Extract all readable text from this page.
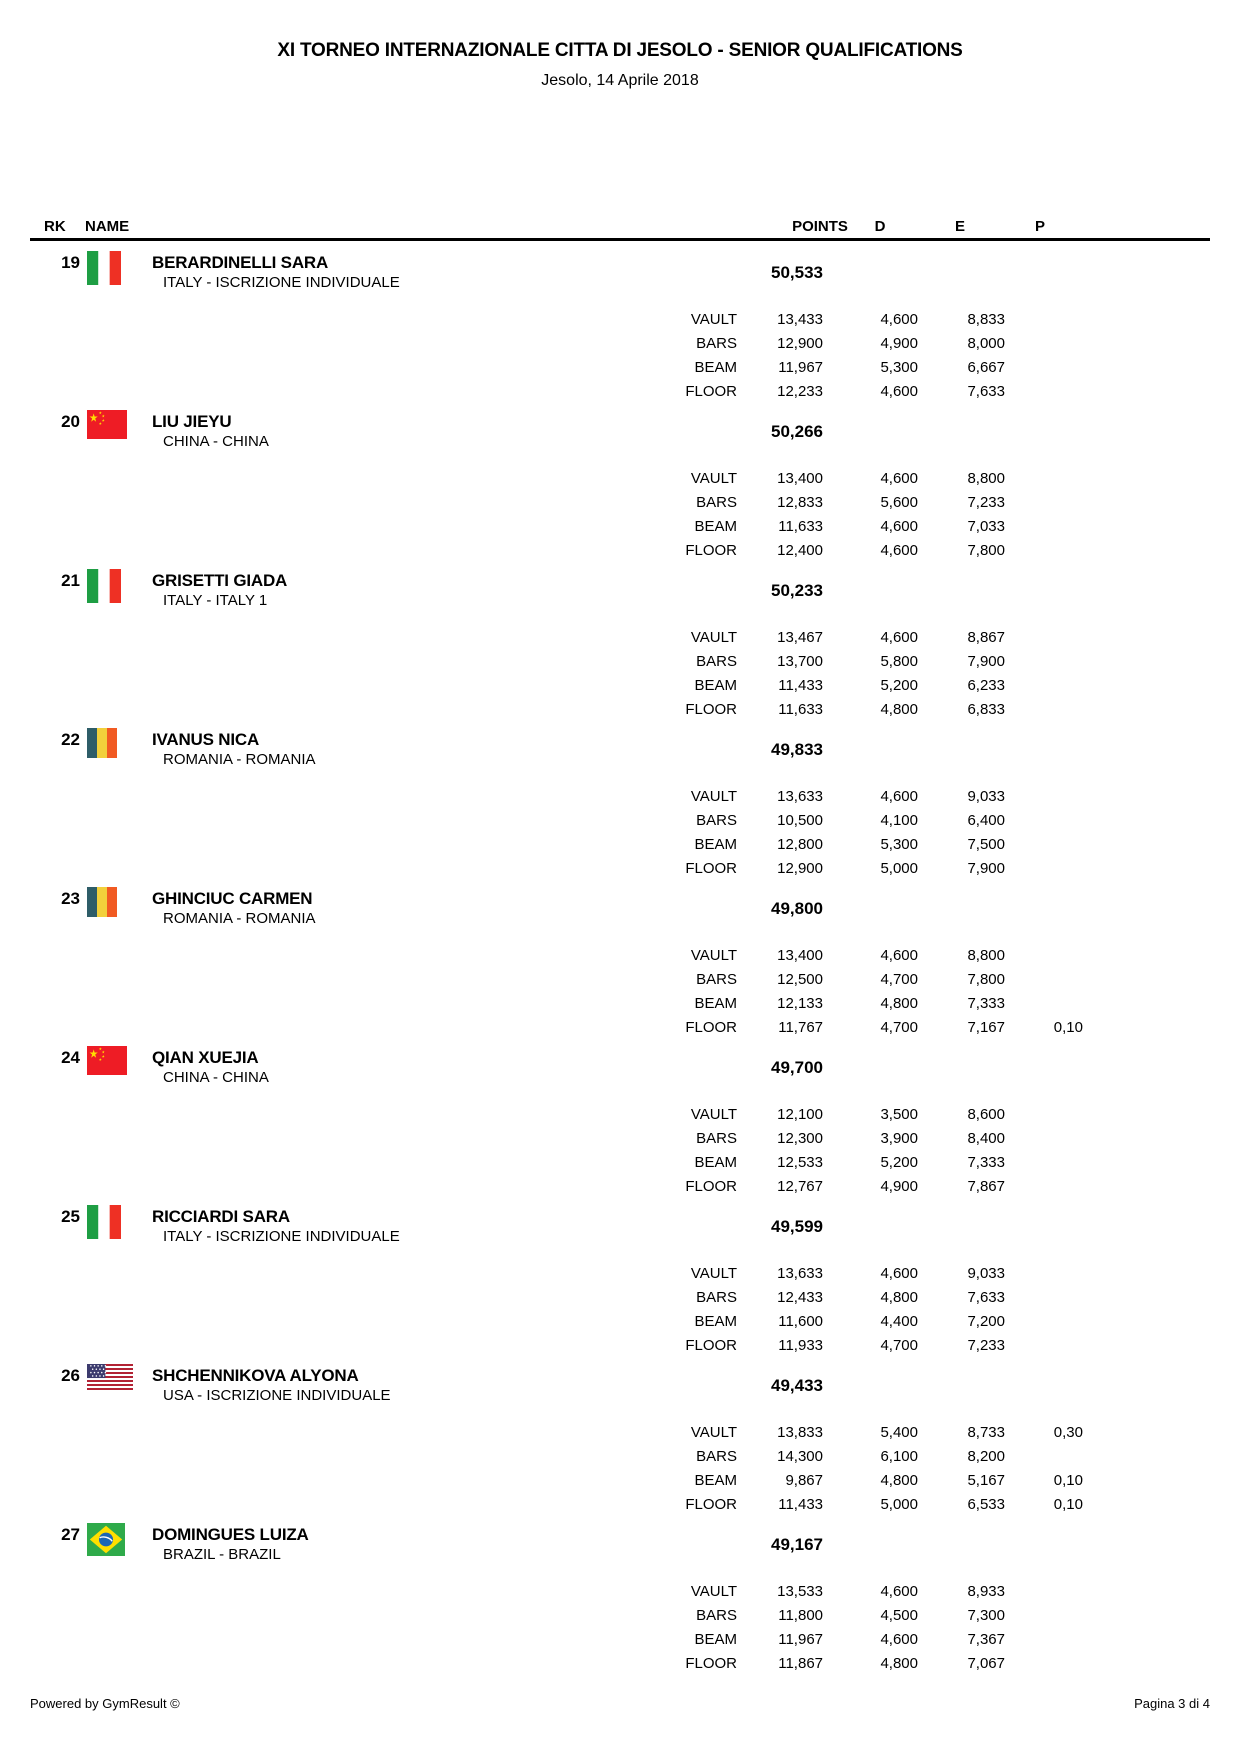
XI TORNEO INTERNAZIONALE CITTA DI JESOLO - SENIOR QUALIFICATIONS
Jesolo, 14 Aprile 2018
RK NAME	POINTS	D	E	P
19	BERARDINELLI SARA
ITALY - ISCRIZIONE INDIVIDUALE
50,533
VAULT	13,433	4,600	8,833
BARS	12,900	4,900	8,000
BEAM	11,967	5,300	6,667
FLOOR	12,233	4,600	7,633
20	LIU JIEYU
CHINA - CHINA
50,266
VAULT	13,400	4,600	8,800
BARS	12,833	5,600	7,233
BEAM	11,633	4,600	7,033
FLOOR	12,400	4,600	7,800
21	GRISETTI GIADA
ITALY - ITALY 1
50,233
VAULT	13,467	4,600	8,867
BARS	13,700	5,800	7,900
BEAM	11,433	5,200	6,233
FLOOR	11,633	4,800	6,833
22	IVANUS NICA
ROMANIA - ROMANIA
49,833
VAULT	13,633	4,600	9,033
BARS	10,500	4,100	6,400
BEAM	12,800	5,300	7,500
FLOOR	12,900	5,000	7,900
23	GHINCIUC CARMEN
ROMANIA - ROMANIA
49,800
VAULT	13,400	4,600	8,800
BARS	12,500	4,700	7,800
BEAM	12,133	4,800	7,333
FLOOR	11,767	4,700	7,167	0,10
24	QIAN XUEJIA
CHINA - CHINA
49,700
VAULT	12,100	3,500	8,600
BARS	12,300	3,900	8,400
BEAM	12,533	5,200	7,333
FLOOR	12,767	4,900	7,867
25	RICCIARDI SARA
ITALY - ISCRIZIONE INDIVIDUALE
49,599
VAULT	13,633	4,600	9,033
BARS	12,433	4,800	7,633
BEAM	11,600	4,400	7,200
FLOOR	11,933	4,700	7,233
26	SHCHENNIKOVA ALYONA
USA - ISCRIZIONE INDIVIDUALE
49,433
VAULT	13,833	5,400	8,733	0,30
BARS	14,300	6,100	8,200
BEAM	9,867	4,800	5,167	0,10
FLOOR	11,433	5,000	6,533	0,10
27	DOMINGUES LUIZA
BRAZIL - BRAZIL
49,167
VAULT	13,533	4,600	8,933
BARS	11,800	4,500	7,300
BEAM	11,967	4,600	7,367
FLOOR	11,867	4,800	7,067
Powered by GymResult ©	Pagina 3 di 4
